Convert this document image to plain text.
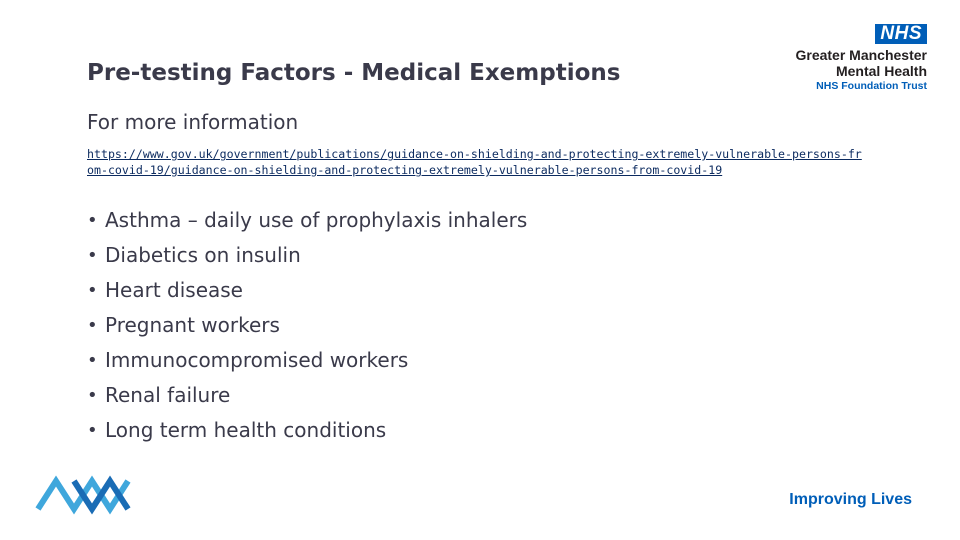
NHS
Greater Manchester
Mental Health
NHS Foundation Trust
Pre-testing Factors - Medical Exemptions
For more information
https://www.gov.uk/government/publications/guidance-on-shielding-and-protecting-extremely-vulnerable-persons-from-covid-19/guidance-on-shielding-and-protecting-extremely-vulnerable-persons-from-covid-19
• Asthma – daily use of prophylaxis inhalers
• Diabetics on insulin
• Heart disease
• Pregnant workers
• Immunocompromised workers
• Renal failure
• Long term health conditions
Improving Lives
